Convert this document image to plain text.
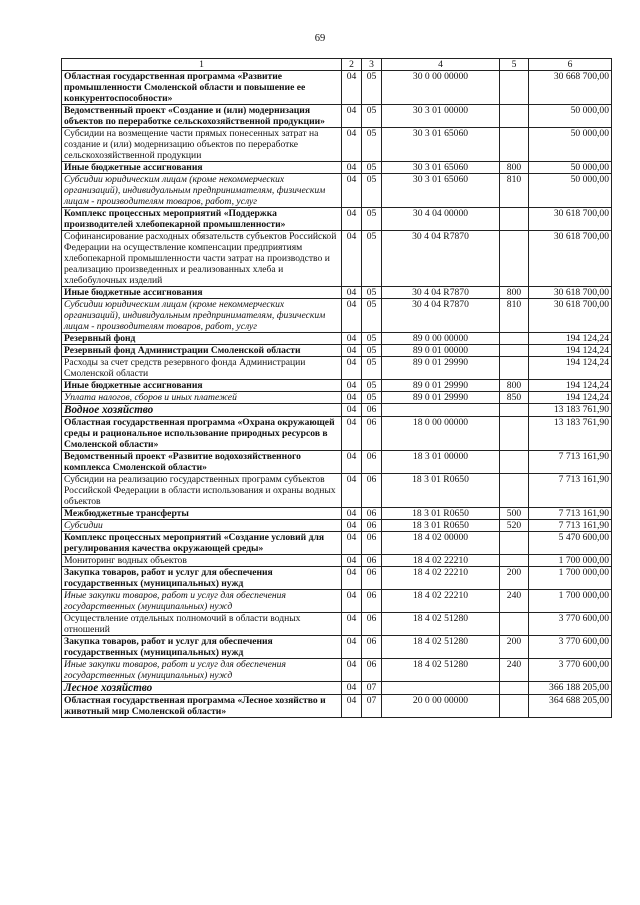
69
1	2	3	4	5	6
Областная государственная программа «Развитие промышленности Смоленской области и повышение ее конкурентоспособности»	04	05	30 0 00 00000		30 668 700,00
Ведомственный проект «Создание и (или) модернизация объектов по переработке сельскохозяйственной продукции»	04	05	30 3 01 00000		50 000,00
Субсидии на возмещение части прямых понесенных затрат на создание и (или) модернизацию объектов по переработке сельскохозяйственной продукции	04	05	30 3 01 65060		50 000,00
Иные бюджетные ассигнования	04	05	30 3 01 65060	800	50 000,00
Субсидии юридическим лицам (кроме некоммерческих организаций), индивидуальным предпринимателям, физическим лицам - производителям товаров, работ, услуг	04	05	30 3 01 65060	810	50 000,00
Комплекс процессных мероприятий «Поддержка производителей хлебопекарной промышленности»	04	05	30 4 04 00000		30 618 700,00
Софинансирование расходных обязательств субъектов Российской Федерации на осуществление компенсации предприятиям хлебопекарной промышленности части затрат на производство и реализацию произведенных и реализованных хлеба и хлебобулочных изделий	04	05	30 4 04 R7870		30 618 700,00
Иные бюджетные ассигнования	04	05	30 4 04 R7870	800	30 618 700,00
Субсидии юридическим лицам (кроме некоммерческих организаций), индивидуальным предпринимателям, физическим лицам - производителям товаров, работ, услуг	04	05	30 4 04 R7870	810	30 618 700,00
Резервный фонд	04	05	89 0 00 00000		194 124,24
Резервный фонд Администрации Смоленской области	04	05	89 0 01 00000		194 124,24
Расходы за счет средств резервного фонда Администрации Смоленской области	04	05	89 0 01 29990		194 124,24
Иные бюджетные ассигнования	04	05	89 0 01 29990	800	194 124,24
Уплата налогов, сборов и иных платежей	04	05	89 0 01 29990	850	194 124,24
Водное хозяйство	04	06			13 183 761,90
Областная государственная программа «Охрана окружающей среды и рациональное использование природных ресурсов в Смоленской области»	04	06	18 0 00 00000		13 183 761,90
Ведомственный проект «Развитие водохозяйственного комплекса Смоленской области»	04	06	18 3 01 00000		7 713 161,90
Субсидии на реализацию государственных программ субъектов Российской Федерации в области использования и охраны водных объектов	04	06	18 3 01 R0650		7 713 161,90
Межбюджетные трансферты	04	06	18 3 01 R0650	500	7 713 161,90
Субсидии	04	06	18 3 01 R0650	520	7 713 161,90
Комплекс процессных мероприятий «Создание условий для регулирования качества окружающей среды»	04	06	18 4 02 00000		5 470 600,00
Мониторинг водных объектов	04	06	18 4 02 22210		1 700 000,00
Закупка товаров, работ и услуг для обеспечения государственных (муниципальных) нужд	04	06	18 4 02 22210	200	1 700 000,00
Иные закупки товаров, работ и услуг для обеспечения государственных (муниципальных) нужд	04	06	18 4 02 22210	240	1 700 000,00
Осуществление отдельных полномочий в области водных отношений	04	06	18 4 02 51280		3 770 600,00
Закупка товаров, работ и услуг для обеспечения государственных (муниципальных) нужд	04	06	18 4 02 51280	200	3 770 600,00
Иные закупки товаров, работ и услуг для обеспечения государственных (муниципальных) нужд	04	06	18 4 02 51280	240	3 770 600,00
Лесное хозяйство	04	07			366 188 205,00
Областная государственная программа «Лесное хозяйство и животный мир Смоленской области»	04	07	20 0 00 00000		364 688 205,00
